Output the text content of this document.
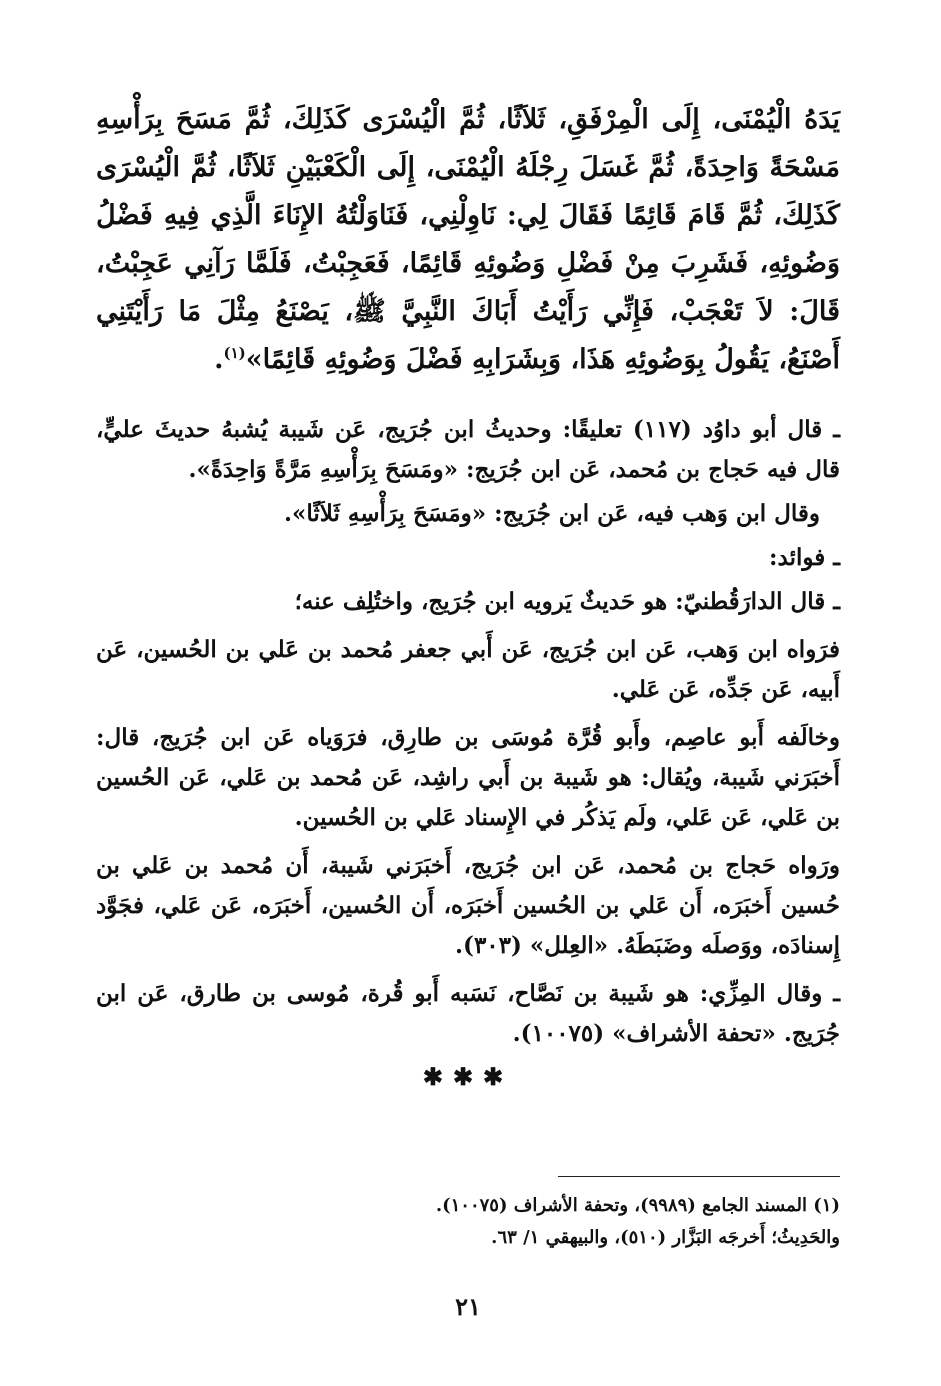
يَدَهُ الْيُمْنَى، إِلَى الْمِرْفَقِ، ثَلاَثًا، ثُمَّ الْيُسْرَى كَذَلِكَ، ثُمَّ مَسَحَ بِرَأْسِهِ مَسْحَةً وَاحِدَةً، ثُمَّ غَسَلَ رِجْلَهُ الْيُمْنَى، إِلَى الْكَعْبَيْنِ ثَلاَثًا، ثُمَّ الْيُسْرَى كَذَلِكَ، ثُمَّ قَامَ قَائِمًا فَقَالَ لِي: نَاوِلْنِي، فَنَاوَلْتُهُ الإِنَاءَ الَّذِي فِيهِ فَضْلُ وَضُوئِهِ، فَشَرِبَ مِنْ فَضْلِ وَضُوئِهِ قَائِمًا، فَعَجِبْتُ، فَلَمَّا رَآنِي عَجِبْتُ، قَالَ: لاَ تَعْجَبْ، فَإِنِّي رَأَيْتُ أَبَاكَ النَّبِيَّ ﷺ، يَصْنَعُ مِثْلَ مَا رَأَيْتَنِي أَصْنَعُ، يَقُولُ بِوَضُوئِهِ هَذَا، وَبِشَرَابِهِ فَضْلَ وَضُوئِهِ قَائِمًا»$^{(١)}$.

ـ قال أبو داوُد (١١٧) تعليقًا: وحديثُ ابن جُرَيج، عَن شَيبة يُشبهُ حديثَ عليٍّ، قال فيه حَجاج بن مُحمد، عَن ابن جُرَيج: «ومَسَحَ بِرَأْسِهِ مَرَّةً وَاحِدَةً».

وقال ابن وَهب فيه، عَن ابن جُرَيج: «ومَسَحَ بِرَأْسِهِ ثَلاَثًا».

ـ فوائد:

ـ قال الدارَقُطنيّ: هو حَديثٌ يَرويه ابن جُرَيج، واختُلِف عنه؛

فرَواه ابن وَهب، عَن ابن جُرَيج، عَن أَبي جعفر مُحمد بن عَلي بن الحُسين، عَن أَبيه، عَن جَدِّه، عَن عَلي.

وخالَفه أَبو عاصِم، وأَبو قُرَّة مُوسَى بن طارِق، فرَوَياه عَن ابن جُرَيج، قال: أَخبَرَني شَيبة، ويُقال: هو شَيبة بن أَبي راشِد، عَن مُحمد بن عَلي، عَن الحُسين بن عَلي، عَن عَلي، ولَم يَذكُر في الإِسناد عَلي بن الحُسين.

ورَواه حَجاج بن مُحمد، عَن ابن جُرَيج، أَخبَرَني شَيبة، أَن مُحمد بن عَلي بن حُسين أَخبَرَه، أَن عَلي بن الحُسين أَخبَرَه، أَن الحُسين، أَخبَرَه، عَن عَلي، فجَوَّد إِسنادَه، ووَصلَه وضَبَطَهُ. «العِلل» (٣٠٣).

ـ وقال المِزِّي: هو شَيبة بن نَصَّاح، نَسَبه أَبو قُرة، مُوسى بن طارق، عَن ابن جُرَيج. «تحفة الأشراف» (١٠٠٧٥).

✱✱✱

(١) المسند الجامع (٩٩٨٩)، وتحفة الأشراف (١٠٠٧٥).

والحَدِيثُ؛ أَخرجَه البَزَّار (٥١٠)، والبيهقي ١/ ٦٣.

٢١
